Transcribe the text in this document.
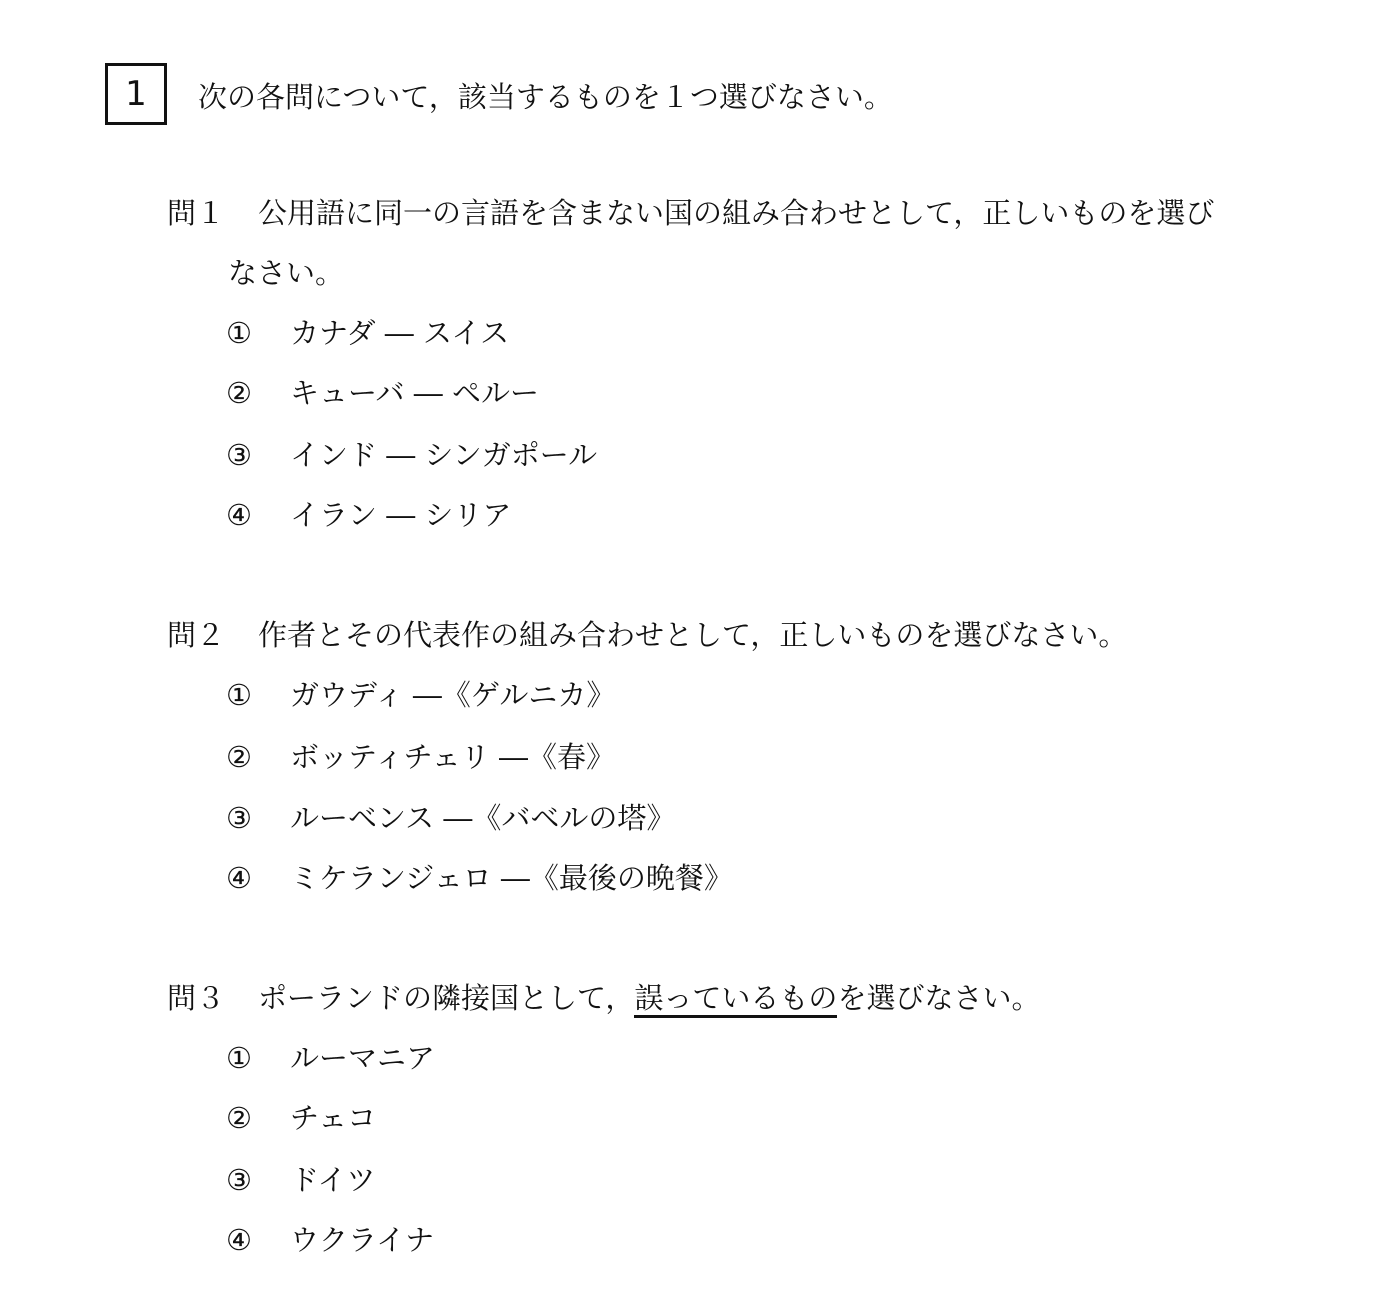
1	次の各問について，該当するものを１つ選びなさい。
問１ 公用語に同一の言語を含まない国の組み合わせとして，正しいものを選び
なさい。
① カナダ ― スイス
② キューバ ― ペルー
③ インド ― シンガポール
④ イラン ― シリア
問２ 作者とその代表作の組み合わせとして，正しいものを選びなさい。
① ガウディ ―《ゲルニカ》
② ボッティチェリ ―《春》
③ ルーベンス ―《バベルの塔》
④ ミケランジェロ ―《最後の晩餐》
問３ ポーランドの隣接国として，誤っているものを選びなさい。
① ルーマニア
② チェコ
③ ドイツ
④ ウクライナ
